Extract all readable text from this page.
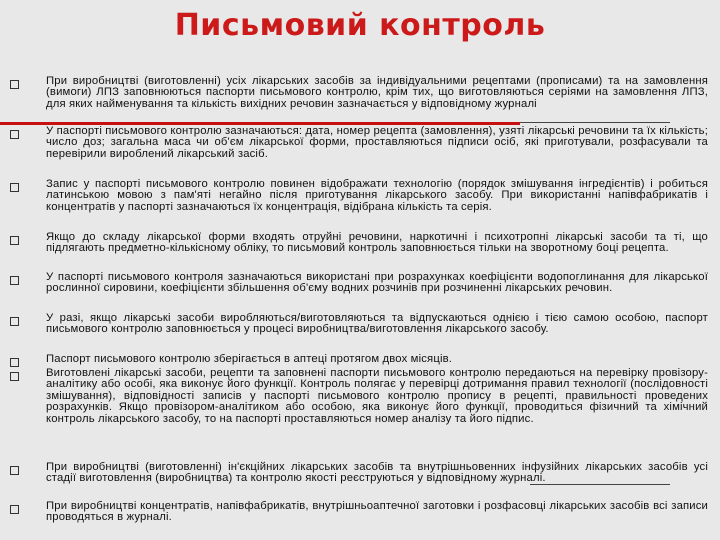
Письмовий контроль
При виробництві (виготовленні) усіх лікарських засобів за індивідуальними рецептами (прописами) та на замовлення (вимоги) ЛПЗ заповнюються паспорти письмового контролю, крім тих, що виготовляються серіями на замовлення ЛПЗ, для яких найменування та кількість вихідних речовин зазначається у відповідному журналі
У паспорті письмового контролю зазначаються: дата, номер рецепта (замовлення), узяті лікарські речовини та їх кількість; число доз; загальна маса чи об'єм лікарської форми, проставляються підписи осіб, які приготували, розфасували та перевірили вироблений лікарський засіб.
Запис у паспорті письмового контролю повинен відображати технологію (порядок змішування інгредієнтів) і робиться латинською мовою з пам'яті негайно після приготування лікарського засобу. При використанні напівфабрикатів і концентратів у паспорті зазначаються їх концентрація, відібрана кількість та серія.
Якщо до складу лікарської форми входять отруйні речовини, наркотичні і психотропні лікарські засоби та ті, що підлягають предметно-кількісному обліку, то письмовий контроль заповнюється тільки на зворотному боці рецепта.
У паспорті письмового контроля зазначаються використані при розрахунках коефіцієнти водопоглинання для лікарської рослинної сировини, коефіцієнти збільшення об'єму водних розчинів при розчиненні лікарських речовин.
У разі, якщо лікарські засоби виробляються/виготовляються та відпускаються однією і тією самою особою, паспорт письмового контролю заповнюється у процесі виробництва/виготовлення лікарського засобу.
Паспорт письмового контролю зберігається в аптеці протягом двох місяців.
Виготовлені лікарські засоби, рецепти та заповнені паспорти письмового контролю передаються на перевірку провізору-аналітику або особі, яка виконує його функції. Контроль полягає у перевірці дотримання правил технології (послідовності змішування), відповідності записів у паспорті письмового контролю пропису в рецепті, правильності проведених розрахунків. Якщо провізором-аналітиком або особою, яка виконує його функції, проводиться фізичний та хімічний контроль лікарського засобу, то на паспорті проставляються номер аналізу та його підпис.
При виробництві (виготовленні) ін'єкційних лікарських засобів та внутрішньовенних інфузійних лікарських засобів усі стадії виготовлення (виробництва) та контролю якості реєструються у відповідному журналі.
При виробництві концентратів, напівфабрикатів, внутрішньоаптечної заготовки і розфасовці лікарських засобів всі записи проводяться в журналі.
